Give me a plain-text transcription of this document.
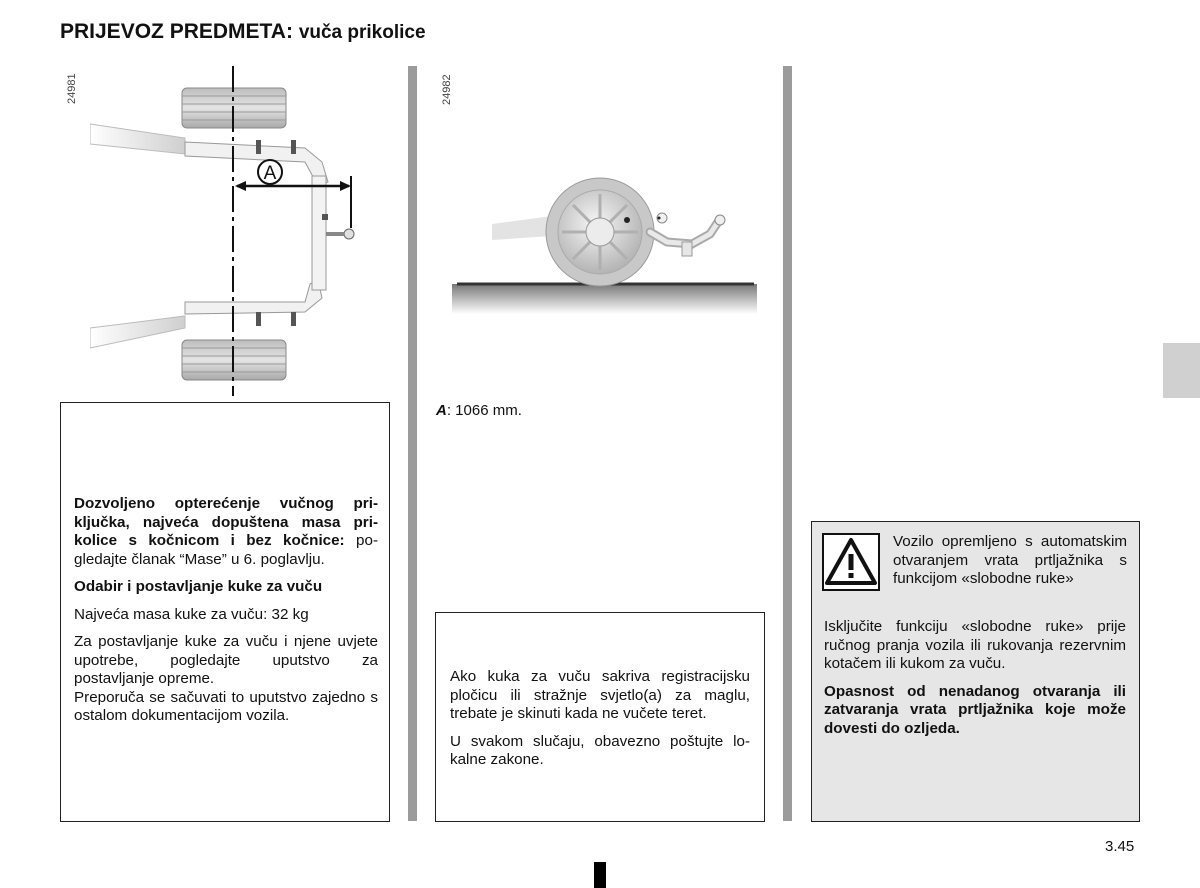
PRIJEVOZ PREDMETA: vuča prikolice
24981	24982
A
A: 1066 mm.

Dozvoljeno opterećenje vučnog priključka, najveća dopuštena masa prikolice s kočnicom i bez kočnice: pogledajte članak “Mase” u 6. poglavlju.

Odabir i postavljanje kuke za vuču

Najveća masa kuke za vuču: 32 kg

Za postavljanje kuke za vuču i njene uvjete upotrebe, pogledajte uputstvo za postavljanje opreme.

Preporuča se sačuvati to uputstvo zajedno s ostalom dokumentacijom vozila.

Ako kuka za vuču sakriva registracijsku pločicu ili stražnje svjetlo(a) za maglu, trebate je skinuti kada ne vučete teret.

U svakom slučaju, obavezno poštujte lokalne zakone.

Vozilo opremljeno s automatskim otvaranjem vrata prtljažnika s funkcijom «slobodne ruke»

Isključite funkciju «slobodne ruke» prije ručnog pranja vozila ili rukovanja rezervnim kotačem ili kukom za vuču.

Opasnost od nenadanog otvaranja ili zatvaranja vrata prtljažnika koje može dovesti do ozljeda.

3.45
